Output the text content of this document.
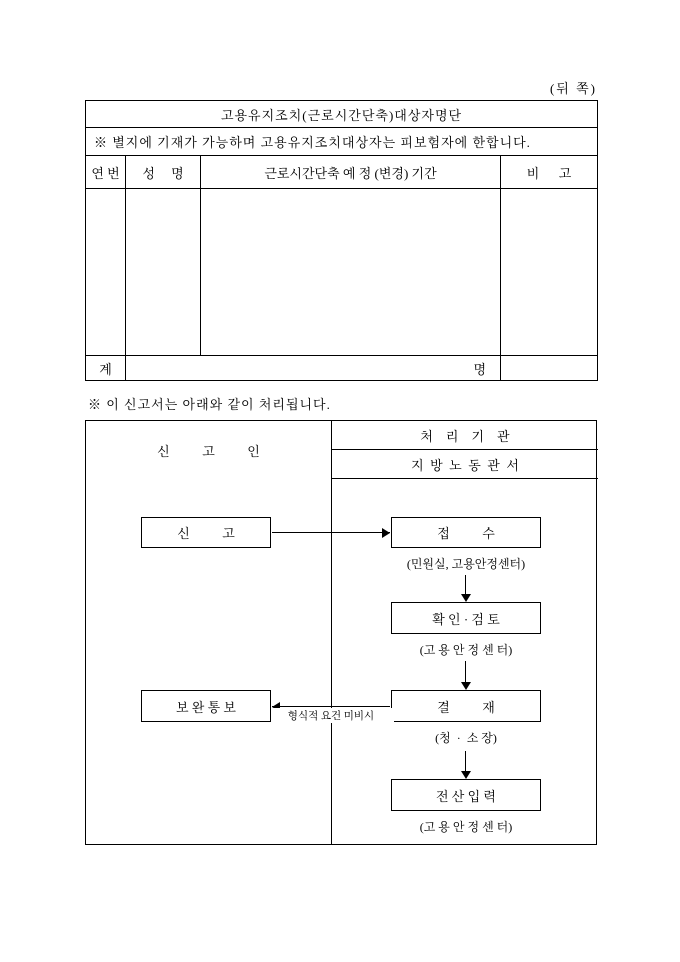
(뒤 쪽)
고용유지조치(근로시간단축)대상자명단			
※ 별지에 기재가 가능하며 고용유지조치대상자는 피보험자에 한합니다.			
연 번	성     명	근로시간단축 예 정 (변경) 기간	비      고

계	명		
※ 이 신고서는 아래와 같이 처리됩니다.
신          고          인
처    리    기    관
지  방  노  동  관  서
신          고	접          수
(민원실, 고용안정센터)
확 인 · 검 토
(고 용 안 정 센 터)
결          재
(청  ·  소 장)
형식적 요건 미비시
보 완 통 보
전 산 입 력
(고 용 안 정 센 터)
